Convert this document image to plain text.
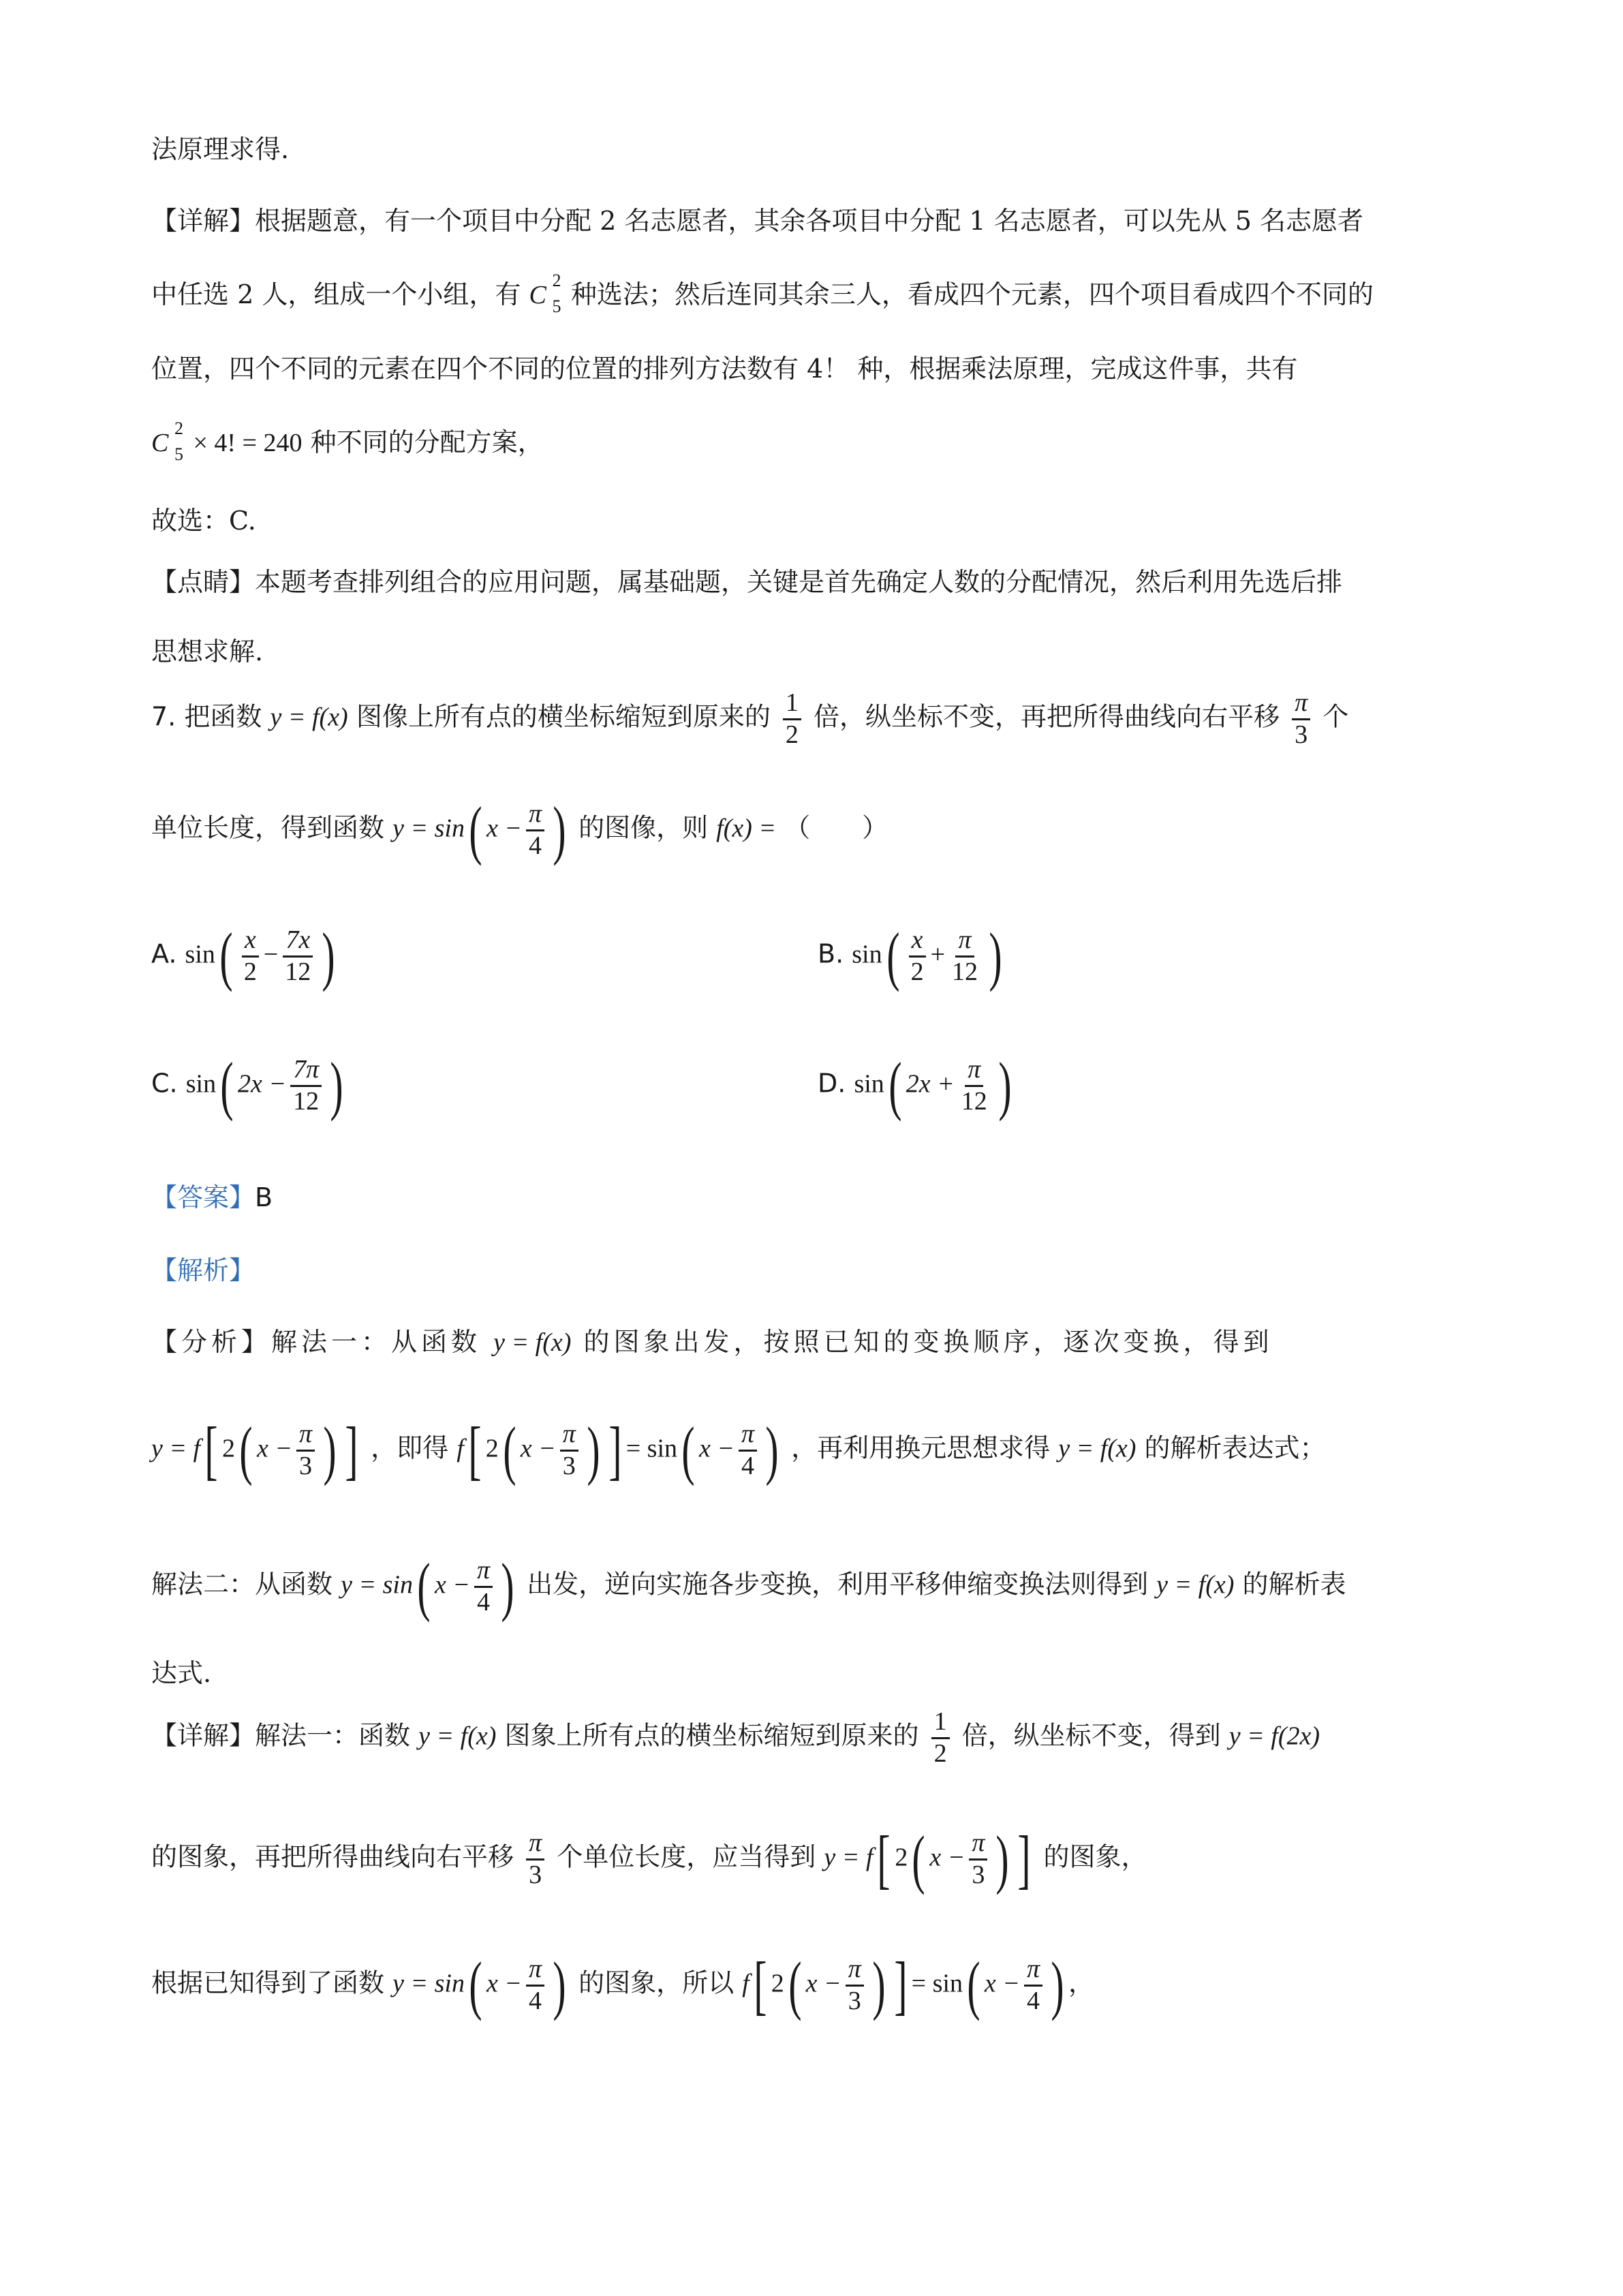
法原理求得.
【详解】根据题意，有一个项目中分配 2 名志愿者，其余各项目中分配 1 名志愿者，可以先从 5 名志愿者
中任选 2 人，组成一个小组，有 C
2
5 种选法；然后连同其余三人，看成四个元素，四个项目看成四个不同的
位置，四个不同的元素在四个不同的位置的排列方法数有 4！ 种，根据乘法原理，完成这件事，共有
C
2
5 × 4! = 240 种不同的分配方案，
故选：C.
【点睛】本题考查排列组合的应用问题，属基础题，关键是首先确定人数的分配情况，然后利用先选后排
思想求解.
7. 把函数 y = f(x) 图像上所有点的横坐标缩短到原来的 $\frac{1}{2}$ 倍，纵坐标不变，再把所得曲线向右平移 $\frac{\pi}{3}$ 个
单位长度，得到函数 y = sin( $x - \frac{\pi}{4}$ ) 的图像，则 f(x) = （　　）
A. $\sin( \frac{x}{2} - \frac{7x}{12}$ )	B. $\sin( \frac{x}{2} + \frac{\pi}{12}$ )
C. sin( $2x - \frac{7\pi}{12}$ )	D. sin( $2x + \frac{\pi}{12}$ )
【答案】B
【解析】
【分析】解法一：从函数 y = f(x) 的图象出发，按照已知的变换顺序，逐次变换，得到
y = f[ 2( $x - \frac{\pi}{3}$ ) ] ，即得 f[ 2( $x - \frac{\pi}{3}$ ) ] = sin( $x - \frac{\pi}{4}$ ) ，再利用换元思想求得 y = f(x) 的解析表达式；
解法二：从函数 y = sin( $x - \frac{\pi}{4}$ ) 出发，逆向实施各步变换，利用平移伸缩变换法则得到 y = f(x) 的解析表
达式.
【详解】解法一：函数 y = f(x) 图象上所有点的横坐标缩短到原来的 $\frac{1}{2}$ 倍，纵坐标不变，得到 y = f(2x)
的图象，再把所得曲线向右平移 $\frac{\pi}{3}$ 个单位长度，应当得到 y = f[ 2( $x - \frac{\pi}{3}$ ) ] 的图象，
根据已知得到了函数 y = sin( $x - \frac{\pi}{4}$ ) 的图象，所以 f[ 2( $x - \frac{\pi}{3}$ ) ] = sin( $x - \frac{\pi}{4}$ ) ，
